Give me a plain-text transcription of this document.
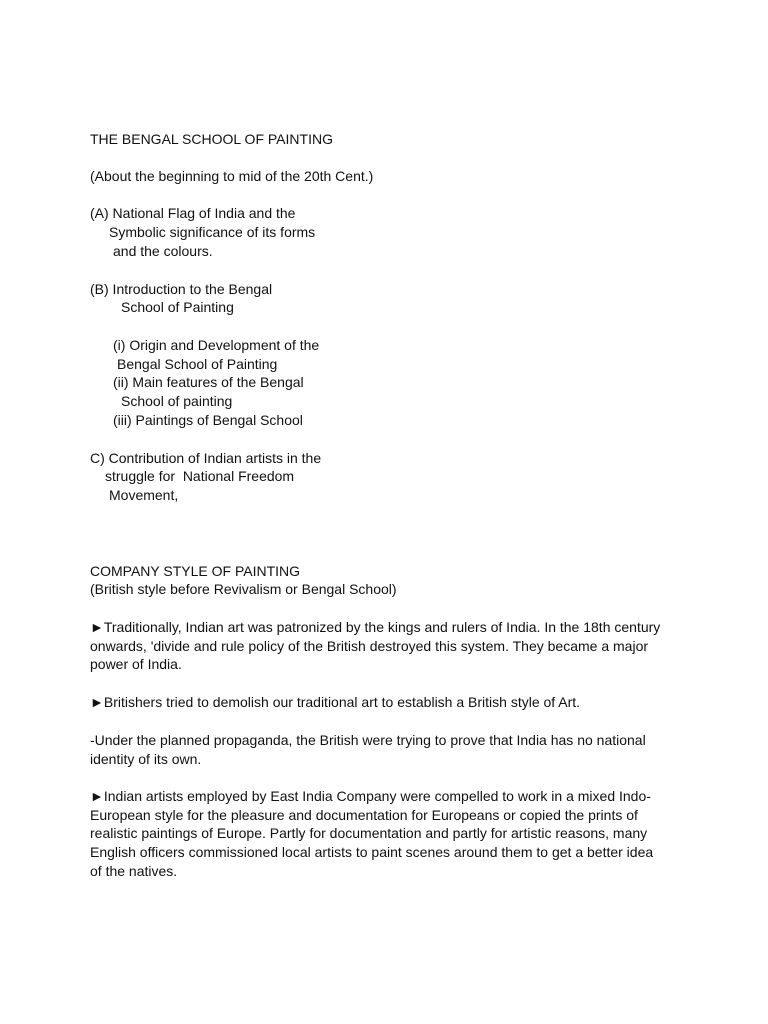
THE BENGAL SCHOOL OF PAINTING

(About the beginning to mid of the 20th Cent.)

(A) National Flag of India and the

Symbolic significance of its forms

and the colours.

(B) Introduction to the Bengal

School of Painting

(i) Origin and Development of the

Bengal School of Painting

(ii) Main features of the Bengal

School of painting

(iii) Paintings of Bengal School

C) Contribution of Indian artists in the

struggle for  National Freedom

Movement,

COMPANY STYLE OF PAINTING

(British style before Revivalism or Bengal School)

►Traditionally, Indian art was patronized by the kings and rulers of India. In the 18th century onwards, 'divide and rule policy of the British destroyed this system. They became a major power of India.

►Britishers tried to demolish our traditional art to establish a British style of Art.

-Under the planned propaganda, the British were trying to prove that India has no national identity of its own.

►Indian artists employed by East India Company were compelled to work in a mixed Indo-European style for the pleasure and documentation for Europeans or copied the prints of realistic paintings of Europe. Partly for documentation and partly for artistic reasons, many English officers commissioned local artists to paint scenes around them to get a better idea of the natives.
